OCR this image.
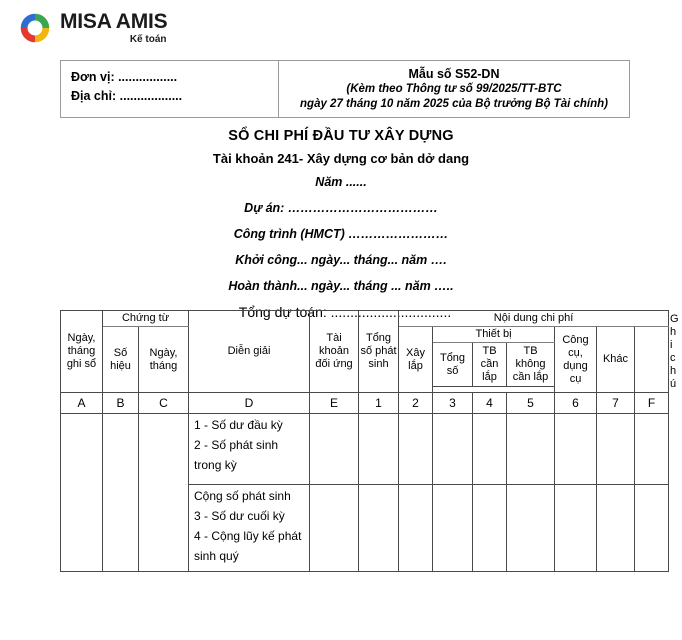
MISA AMIS
Kế toán
Đơn vị: .................
Địa chỉ: ..................
Mẫu số S52-DN
(Kèm theo Thông tư số 99/2025/TT-BTC
ngày 27 tháng 10 năm 2025 của Bộ trưởng Bộ Tài chính)
SỔ CHI PHÍ ĐẦU TƯ XÂY DỰNG
Tài khoản 241- Xây dựng cơ bản dở dang
Năm ......
Dự án: ………………………………
Công trình (HMCT) ……………………
Khởi công... ngày... tháng... năm ….
Hoàn thành... ngày... tháng ... năm …..
Tổng dự toán: ...............................
Ngày, tháng ghi sổ	Chứng từ		Diễn giải	Tài khoản đối ứng	Tổng số phát sinh	Nội dung chi phí							Ghi chú
	Số hiệu	Ngày, tháng				Xây lắp	Thiết bị			Công cụ, dụng cụ	Khác		
							Tổng số	TB cần lắp	TB không cần lắp				

A	B	C	D	E	1	2	3	4	5	6	7	F	

			1 - Số dư đầu kỳ
2 - Số phát sinh trong kỳ										

			Cộng số phát sinh
3 - Số dư cuối kỳ
4 - Cộng lũy kế phát sinh quý										
